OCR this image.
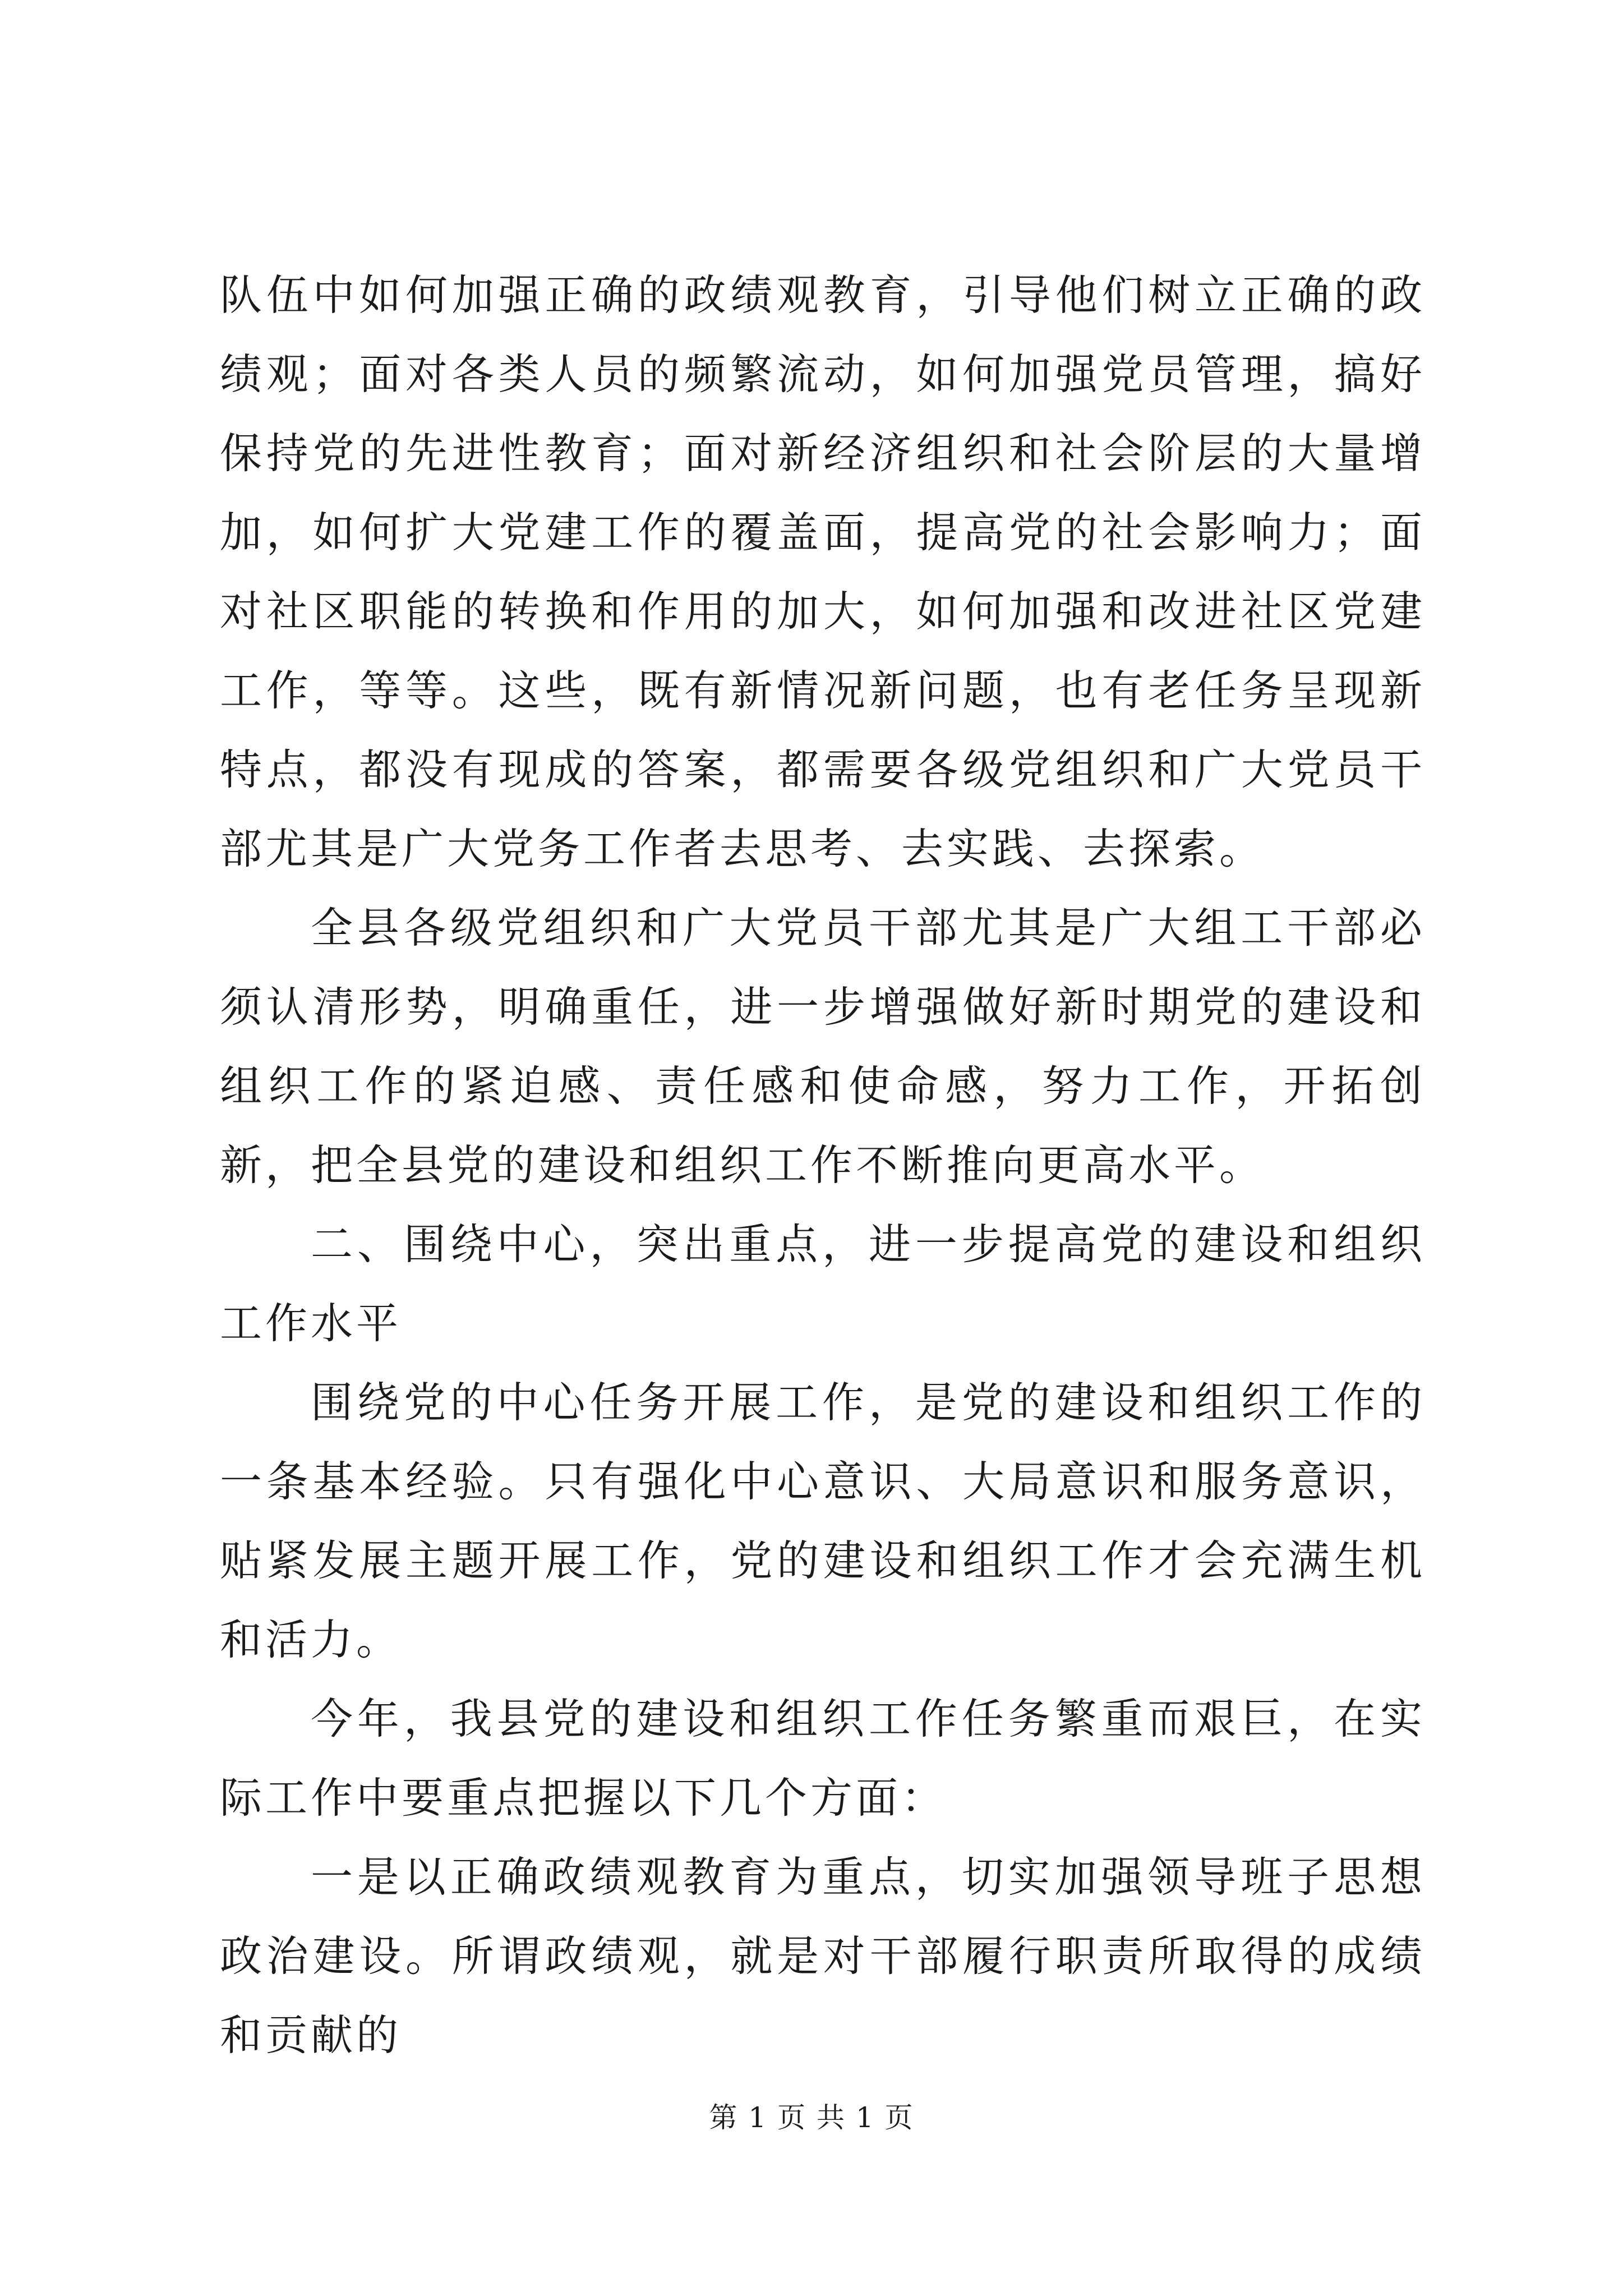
队伍中如何加强正确的政绩观教育，引导他们树立正确的政绩观；面对各类人员的频繁流动，如何加强党员管理，搞好保持党的先进性教育；面对新经济组织和社会阶层的大量增加，如何扩大党建工作的覆盖面，提高党的社会影响力；面对社区职能的转换和作用的加大，如何加强和改进社区党建工作，等等。这些，既有新情况新问题，也有老任务呈现新特点，都没有现成的答案，都需要各级党组织和广大党员干部尤其是广大党务工作者去思考、去实践、去探索。

全县各级党组织和广大党员干部尤其是广大组工干部必须认清形势，明确重任，进一步增强做好新时期党的建设和组织工作的紧迫感、责任感和使命感，努力工作，开拓创新，把全县党的建设和组织工作不断推向更高水平。

二、围绕中心，突出重点，进一步提高党的建设和组织工作水平

围绕党的中心任务开展工作，是党的建设和组织工作的一条基本经验。只有强化中心意识、大局意识和服务意识，贴紧发展主题开展工作，党的建设和组织工作才会充满生机和活力。

今年，我县党的建设和组织工作任务繁重而艰巨，在实际工作中要重点把握以下几个方面：

一是以正确政绩观教育为重点，切实加强领导班子思想政治建设。所谓政绩观，就是对干部履行职责所取得的成绩和贡献的

第 1 页 共 1 页
